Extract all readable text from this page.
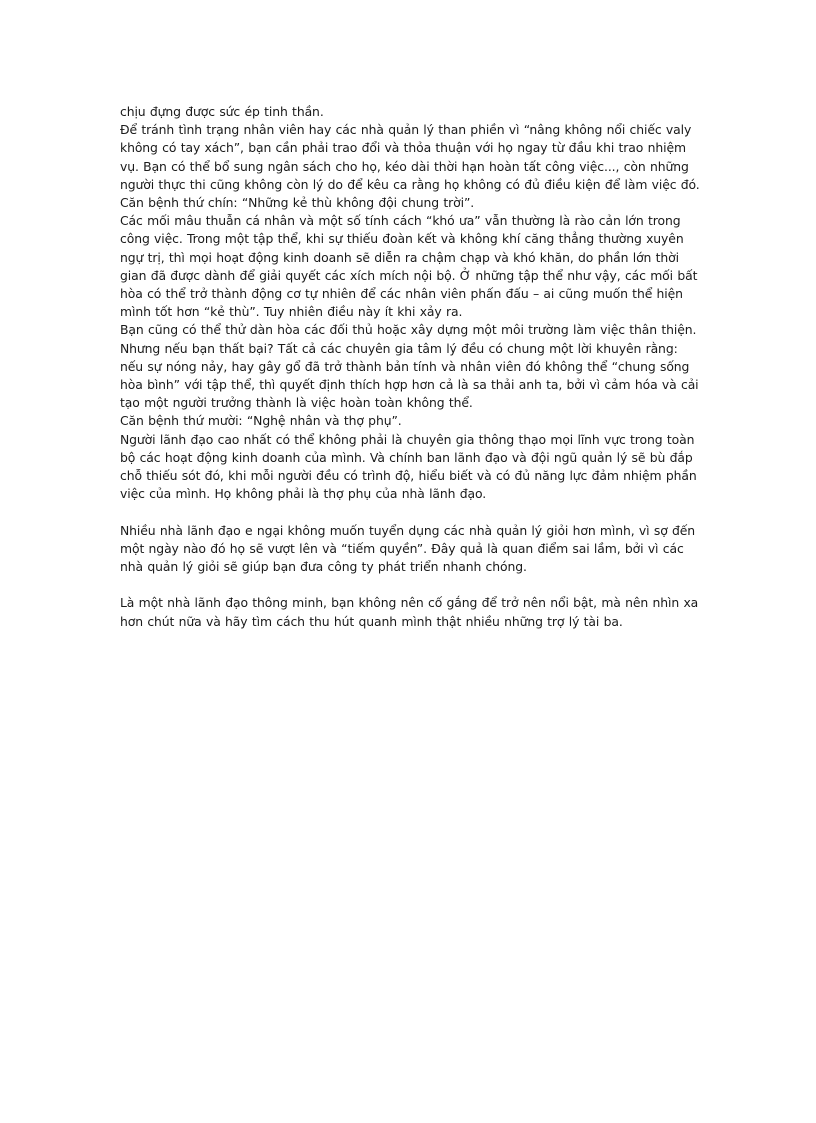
chịu đựng được sức ép tinh thần.

Để tránh tình trạng nhân viên hay các nhà quản lý than phiền vì “nâng không nổi chiếc valy không có tay xách”, bạn cần phải trao đổi và thỏa thuận với họ ngay từ đầu khi trao nhiệm vụ. Bạn có thể bổ sung ngân sách cho họ, kéo dài thời hạn hoàn tất công việc..., còn những người thực thi cũng không còn lý do để kêu ca rằng họ không có đủ điều kiện để làm việc đó.

Căn bệnh thứ chín: “Những kẻ thù không đội chung trời”.

Các mối mâu thuẫn cá nhân và một số tính cách “khó ưa” vẫn thường là rào cản lớn trong công việc. Trong một tập thể, khi sự thiếu đoàn kết và không khí căng thẳng thường xuyên ngự trị, thì mọi hoạt động kinh doanh sẽ diễn ra chậm chạp và khó khăn, do phần lớn thời gian đã được dành để giải quyết các xích mích nội bộ. Ở những tập thể như vậy, các mối bất hòa có thể trở thành động cơ tự nhiên để các nhân viên phấn đấu – ai cũng muốn thể hiện mình tốt hơn “kẻ thù”. Tuy nhiên điều này ít khi xảy ra.

Bạn cũng có thể thử dàn hòa các đối thủ hoặc xây dựng một môi trường làm việc thân thiện. Nhưng nếu bạn thất bại? Tất cả các chuyên gia tâm lý đều có chung một lời khuyên rằng: nếu sự nóng nảy, hay gây gổ đã trở thành bản tính và nhân viên đó không thể “chung sống hòa bình” với tập thể, thì quyết định thích hợp hơn cả là sa thải anh ta, bởi vì cảm hóa và cải tạo một người trưởng thành là việc hoàn toàn không thể.

Căn bệnh thứ mười: “Nghệ nhân và thợ phụ”.

Người lãnh đạo cao nhất có thể không phải là chuyên gia thông thạo mọi lĩnh vực trong toàn bộ các hoạt động kinh doanh của mình. Và chính ban lãnh đạo và đội ngũ quản lý sẽ bù đắp chỗ thiếu sót đó, khi mỗi người đều có trình độ, hiểu biết và có đủ năng lực đảm nhiệm phần việc của mình. Họ không phải là thợ phụ của nhà lãnh đạo.

Nhiều nhà lãnh đạo e ngại không muốn tuyển dụng các nhà quản lý giỏi hơn mình, vì sợ đến một ngày nào đó họ sẽ vượt lên và “tiếm quyền”. Đây quả là quan điểm sai lầm, bởi vì các nhà quản lý giỏi sẽ giúp bạn đưa công ty phát triển nhanh chóng.

Là một nhà lãnh đạo thông minh, bạn không nên cố gắng để trở nên nổi bật, mà nên nhìn xa hơn chút nữa và hãy tìm cách thu hút quanh mình thật nhiều những trợ lý tài ba.
